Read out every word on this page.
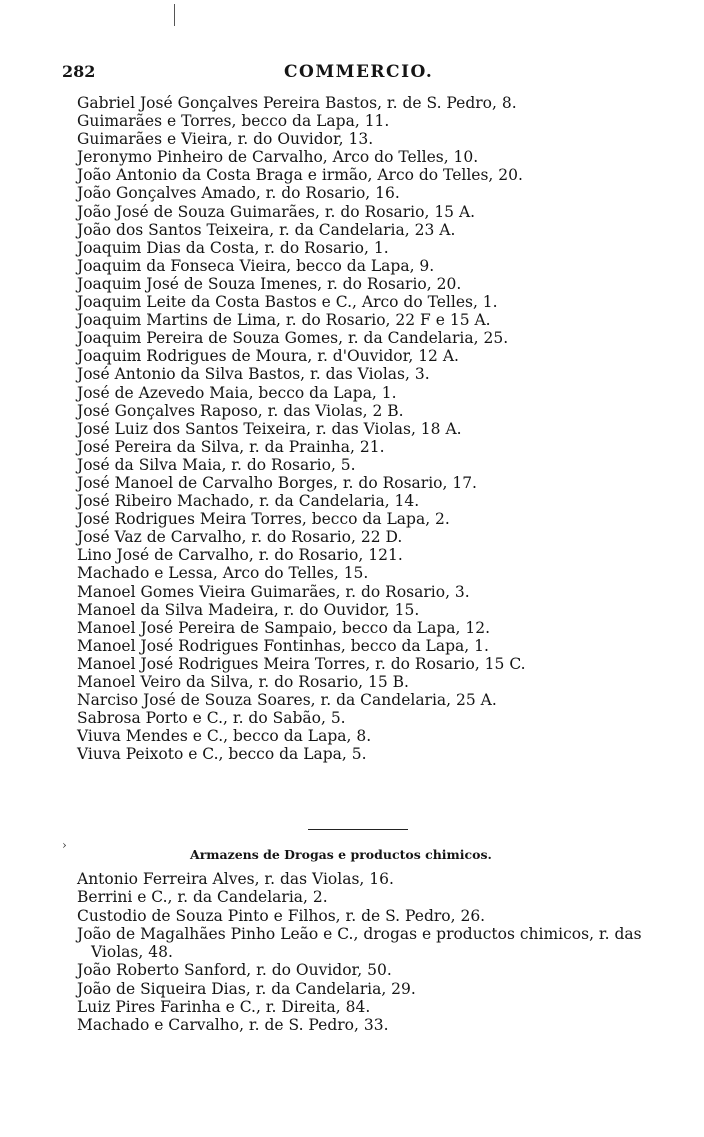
282	COMMERCIO.
Gabriel José Gonçalves Pereira Bastos, r. de S. Pedro, 8.
Guimarães e Torres, becco da Lapa, 11.
Guimarães e Vieira, r. do Ouvidor, 13.
Jeronymo Pinheiro de Carvalho, Arco do Telles, 10.
João Antonio da Costa Braga e irmão, Arco do Telles, 20.
João Gonçalves Amado, r. do Rosario, 16.
João José de Souza Guimarães, r. do Rosario, 15 A.
João dos Santos Teixeira, r. da Candelaria, 23 A.
Joaquim Dias da Costa, r. do Rosario, 1.
Joaquim da Fonseca Vieira, becco da Lapa, 9.
Joaquim José de Souza Imenes, r. do Rosario, 20.
Joaquim Leite da Costa Bastos e C., Arco do Telles, 1.
Joaquim Martins de Lima, r. do Rosario, 22 F e 15 A.
Joaquim Pereira de Souza Gomes, r. da Candelaria, 25.
Joaquim Rodrigues de Moura, r. d'Ouvidor, 12 A.
José Antonio da Silva Bastos, r. das Violas, 3.
José de Azevedo Maia, becco da Lapa, 1.
José Gonçalves Raposo, r. das Violas, 2 B.
José Luiz dos Santos Teixeira, r. das Violas, 18 A.
José Pereira da Silva, r. da Prainha, 21.
José da Silva Maia, r. do Rosario, 5.
José Manoel de Carvalho Borges, r. do Rosario, 17.
José Ribeiro Machado, r. da Candelaria, 14.
José Rodrigues Meira Torres, becco da Lapa, 2.
José Vaz de Carvalho, r. do Rosario, 22 D.
Lino José de Carvalho, r. do Rosario, 121.
Machado e Lessa, Arco do Telles, 15.
Manoel Gomes Vieira Guimarães, r. do Rosario, 3.
Manoel da Silva Madeira, r. do Ouvidor, 15.
Manoel José Pereira de Sampaio, becco da Lapa, 12.
Manoel José Rodrigues Fontinhas, becco da Lapa, 1.
Manoel José Rodrigues Meira Torres, r. do Rosario, 15 C.
Manoel Veiro da Silva, r. do Rosario, 15 B.
Narciso José de Souza Soares, r. da Candelaria, 25 A.
Sabrosa Porto e C., r. do Sabão, 5.
Viuva Mendes e C., becco da Lapa, 8.
Viuva Peixoto e C., becco da Lapa, 5.
›
Armazens de Drogas e productos chimicos.
Antonio Ferreira Alves, r. das Violas, 16.
Berrini e C., r. da Candelaria, 2.
Custodio de Souza Pinto e Filhos, r. de S. Pedro, 26.
João de Magalhães Pinho Leão e C., drogas e productos chimicos, r. das Violas, 48.
João Roberto Sanford, r. do Ouvidor, 50.
João de Siqueira Dias, r. da Candelaria, 29.
Luiz Pires Farinha e C., r. Direita, 84.
Machado e Carvalho, r. de S. Pedro, 33.
